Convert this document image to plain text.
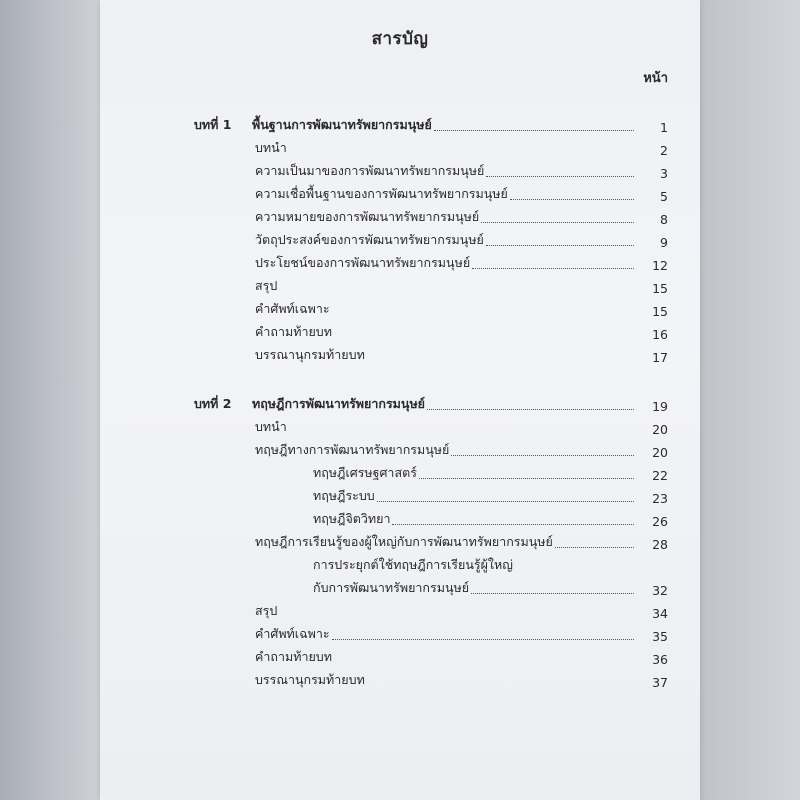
สารบัญ
หน้า
บทที่ 1 พื้นฐานการพัฒนาทรัพยากรมนุษย์	1
บทนำ	2
ความเป็นมาของการพัฒนาทรัพยากรมนุษย์	3
ความเชื่อพื้นฐานของการพัฒนาทรัพยากรมนุษย์	5
ความหมายของการพัฒนาทรัพยากรมนุษย์	8
วัตถุประสงค์ของการพัฒนาทรัพยากรมนุษย์	9
ประโยชน์ของการพัฒนาทรัพยากรมนุษย์	12
สรุป	15
คำศัพท์เฉพาะ	15
คำถามท้ายบท	16
บรรณานุกรมท้ายบท	17
บทที่ 2 ทฤษฎีการพัฒนาทรัพยากรมนุษย์	19
บทนำ	20
ทฤษฎีทางการพัฒนาทรัพยากรมนุษย์	20
ทฤษฎีเศรษฐศาสตร์	22
ทฤษฎีระบบ	23
ทฤษฎีจิตวิทยา	26
ทฤษฎีการเรียนรู้ของผู้ใหญ่กับการพัฒนาทรัพยากรมนุษย์	28
การประยุกต์ใช้ทฤษฎีการเรียนรู้ผู้ใหญ่
กับการพัฒนาทรัพยากรมนุษย์	32
สรุป	34
คำศัพท์เฉพาะ	35
คำถามท้ายบท	36
บรรณานุกรมท้ายบท	37
